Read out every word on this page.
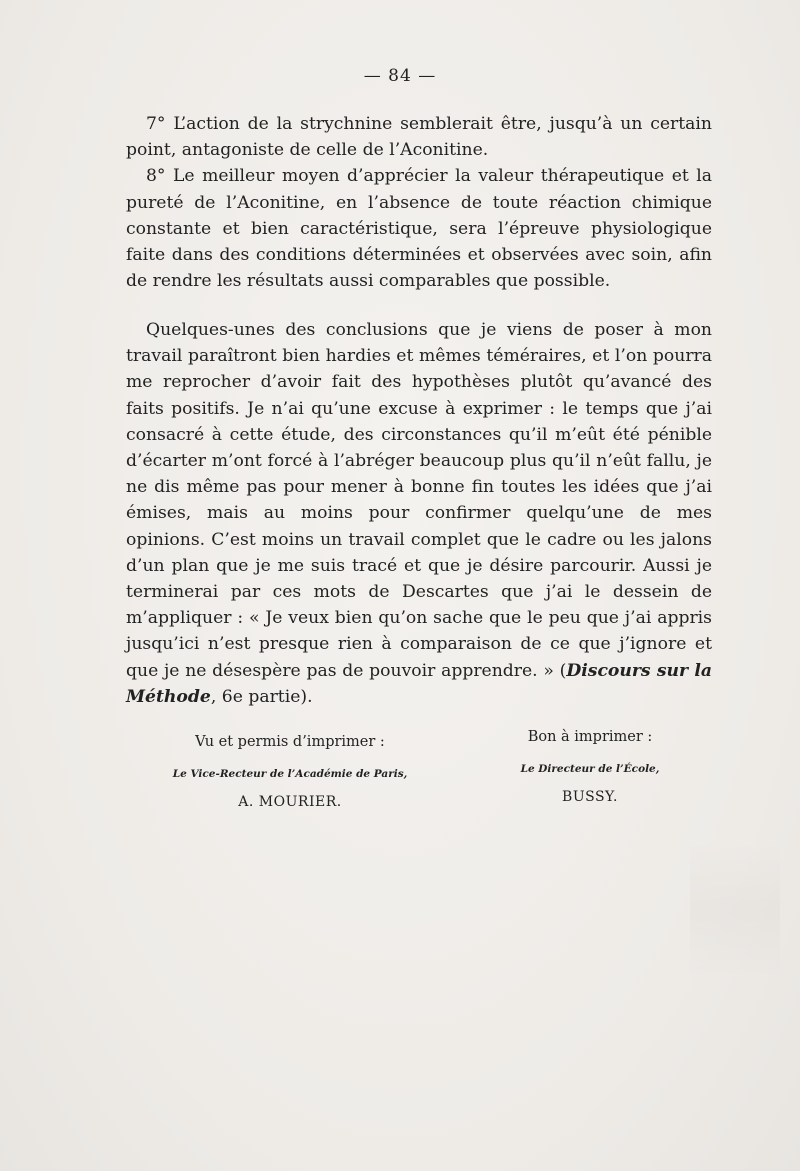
— 84 —

7° L’action de la strychnine semblerait être, jusqu’à un certain point, antagoniste de celle de l’Aconitine.

8° Le meilleur moyen d’apprécier la valeur thérapeutique et la pureté de l’Aconitine, en l’absence de toute réaction chimique constante et bien caractéristique, sera l’épreuve physiologique faite dans des conditions déterminées et observées avec soin, afin de rendre les résultats aussi comparables que possible.

Quelques-unes des conclusions que je viens de poser à mon travail paraîtront bien hardies et mêmes téméraires, et l’on pourra me reprocher d’avoir fait des hypothèses plutôt qu’avancé des faits positifs. Je n’ai qu’une excuse à exprimer : le temps que j’ai consacré à cette étude, des circonstances qu’il m’eût été pénible d’écarter m’ont forcé à l’abréger beaucoup plus qu’il n’eût fallu, je ne dis même pas pour mener à bonne fin toutes les idées que j’ai émises, mais au moins pour confirmer quelqu’une de mes opinions. C’est moins un travail complet que le cadre ou les jalons d’un plan que je me suis tracé et que je désire parcourir. Aussi je terminerai par ces mots de Descartes que j’ai le dessein de m’appliquer : « Je veux bien qu’on sache que le peu que j’ai appris jusqu’ici n’est presque rien à comparaison de ce que j’ignore et que je ne désespère pas de pouvoir apprendre. » (Discours sur la Méthode, 6e partie).

Vu et permis d’imprimer :
Le Vice-Recteur de l’Académie de Paris,
A. MOURIER.
Bon à imprimer :
Le Directeur de l’École,
BUSSY.
